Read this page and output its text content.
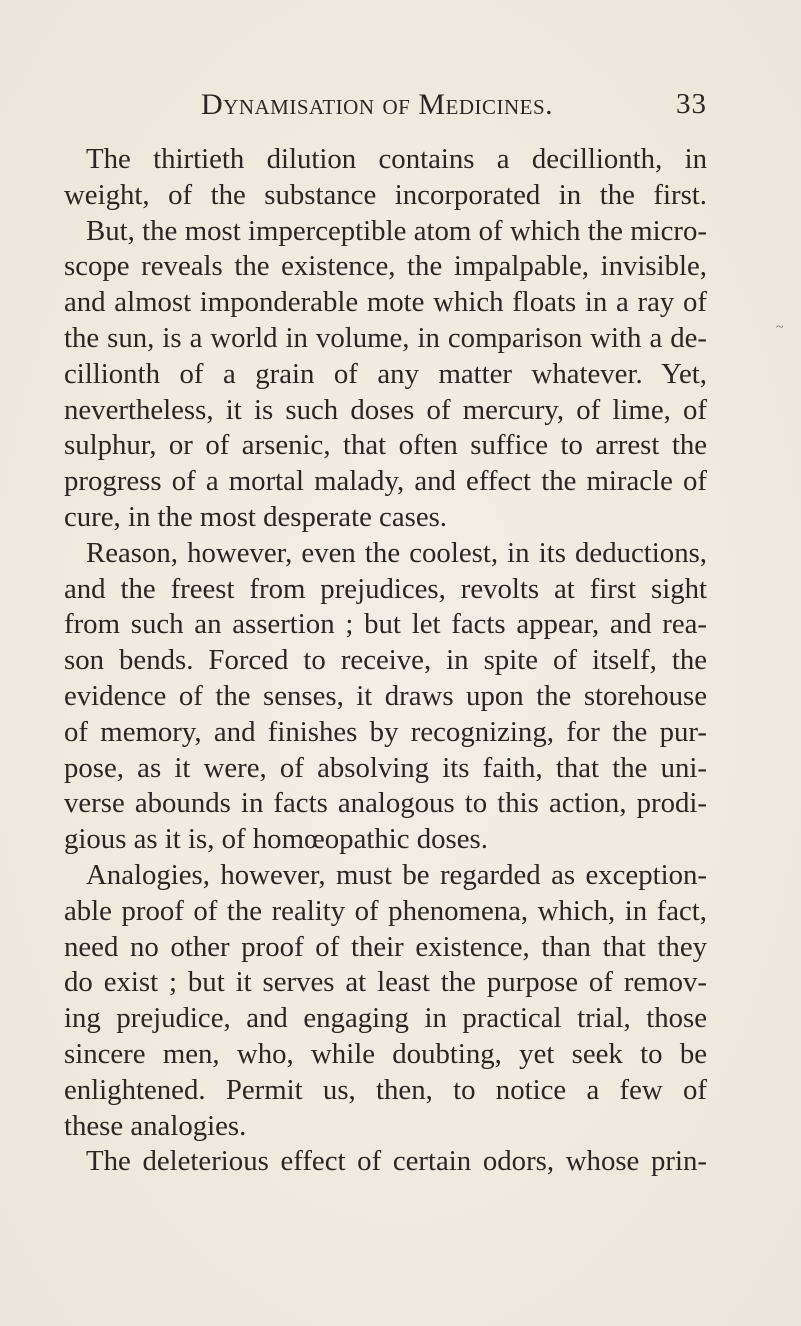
Dynamisation of Medicines.	33
~
The thirtieth dilution contains a decillionth, in
weight, of the substance incorporated in the first.
But, the most imperceptible atom of which the micro-
scope reveals the existence, the impalpable, invisible,
and almost imponderable mote which floats in a ray of
the sun, is a world in volume, in comparison with a de-
cillionth of a grain of any matter whatever. Yet,
nevertheless, it is such doses of mercury, of lime, of
sulphur, or of arsenic, that often suffice to arrest the
progress of a mortal malady, and effect the miracle of
cure, in the most desperate cases.
Reason, however, even the coolest, in its deductions,
and the freest from prejudices, revolts at first sight
from such an assertion ; but let facts appear, and rea-
son bends. Forced to receive, in spite of itself, the
evidence of the senses, it draws upon the storehouse
of memory, and finishes by recognizing, for the pur-
pose, as it were, of absolving its faith, that the uni-
verse abounds in facts analogous to this action, prodi-
gious as it is, of homœopathic doses.
Analogies, however, must be regarded as exception-
able proof of the reality of phenomena, which, in fact,
need no other proof of their existence, than that they
do exist ; but it serves at least the purpose of remov-
ing prejudice, and engaging in practical trial, those
sincere men, who, while doubting, yet seek to be
enlightened. Permit us, then, to notice a few of
these analogies.
The deleterious effect of certain odors, whose prin-
